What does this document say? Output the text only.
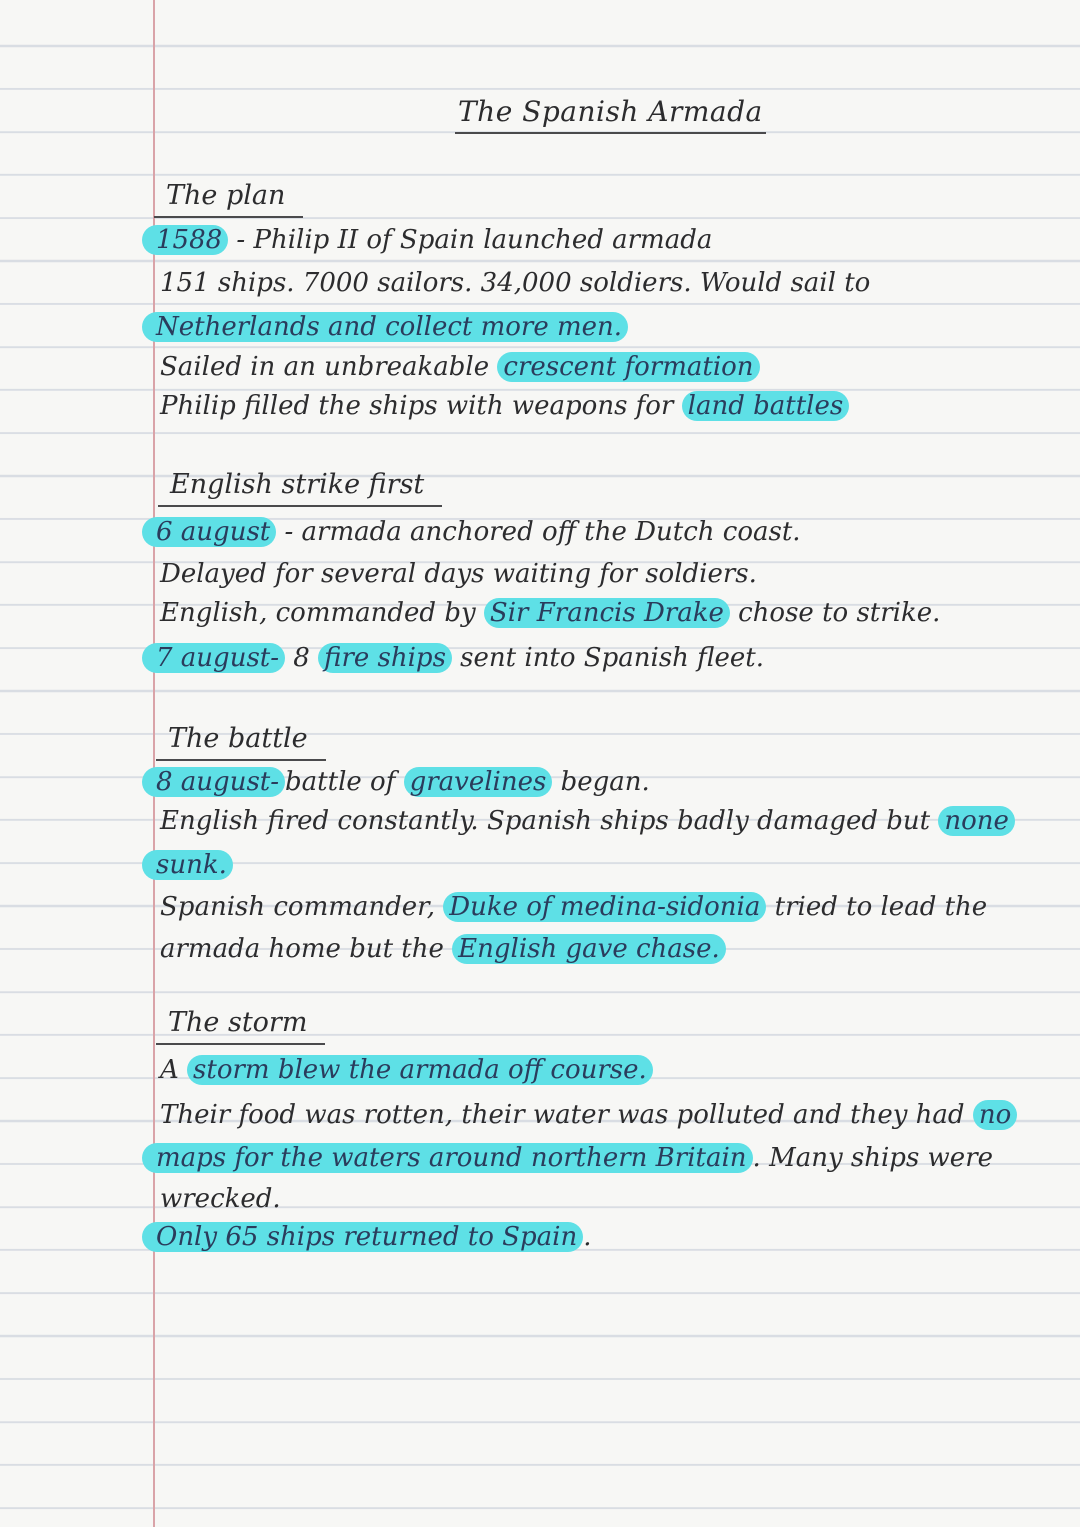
The Spanish Armada
The plan
1588 - Philip II of Spain launched armada
151 ships. 7000 sailors. 34,000 soldiers. Would sail to
Netherlands and collect more men.
Sailed in an unbreakable crescent formation
Philip filled the ships with weapons for land battles
English strike first
6 august - armada anchored off the Dutch coast.
Delayed for several days waiting for soldiers.
English, commanded by Sir Francis Drake chose to strike.
7 august- 8 fire ships sent into Spanish fleet.
The battle
8 august- battle of gravelines began.
English fired constantly. Spanish ships badly damaged but none
sunk.
Spanish commander, Duke of medina-sidonia tried to lead the
armada home but the English gave chase.
The storm
A storm blew the armada off course.
Their food was rotten, their water was polluted and they had no
maps for the waters around northern Britain . Many ships were
wrecked.
Only 65 ships returned to Spain .
